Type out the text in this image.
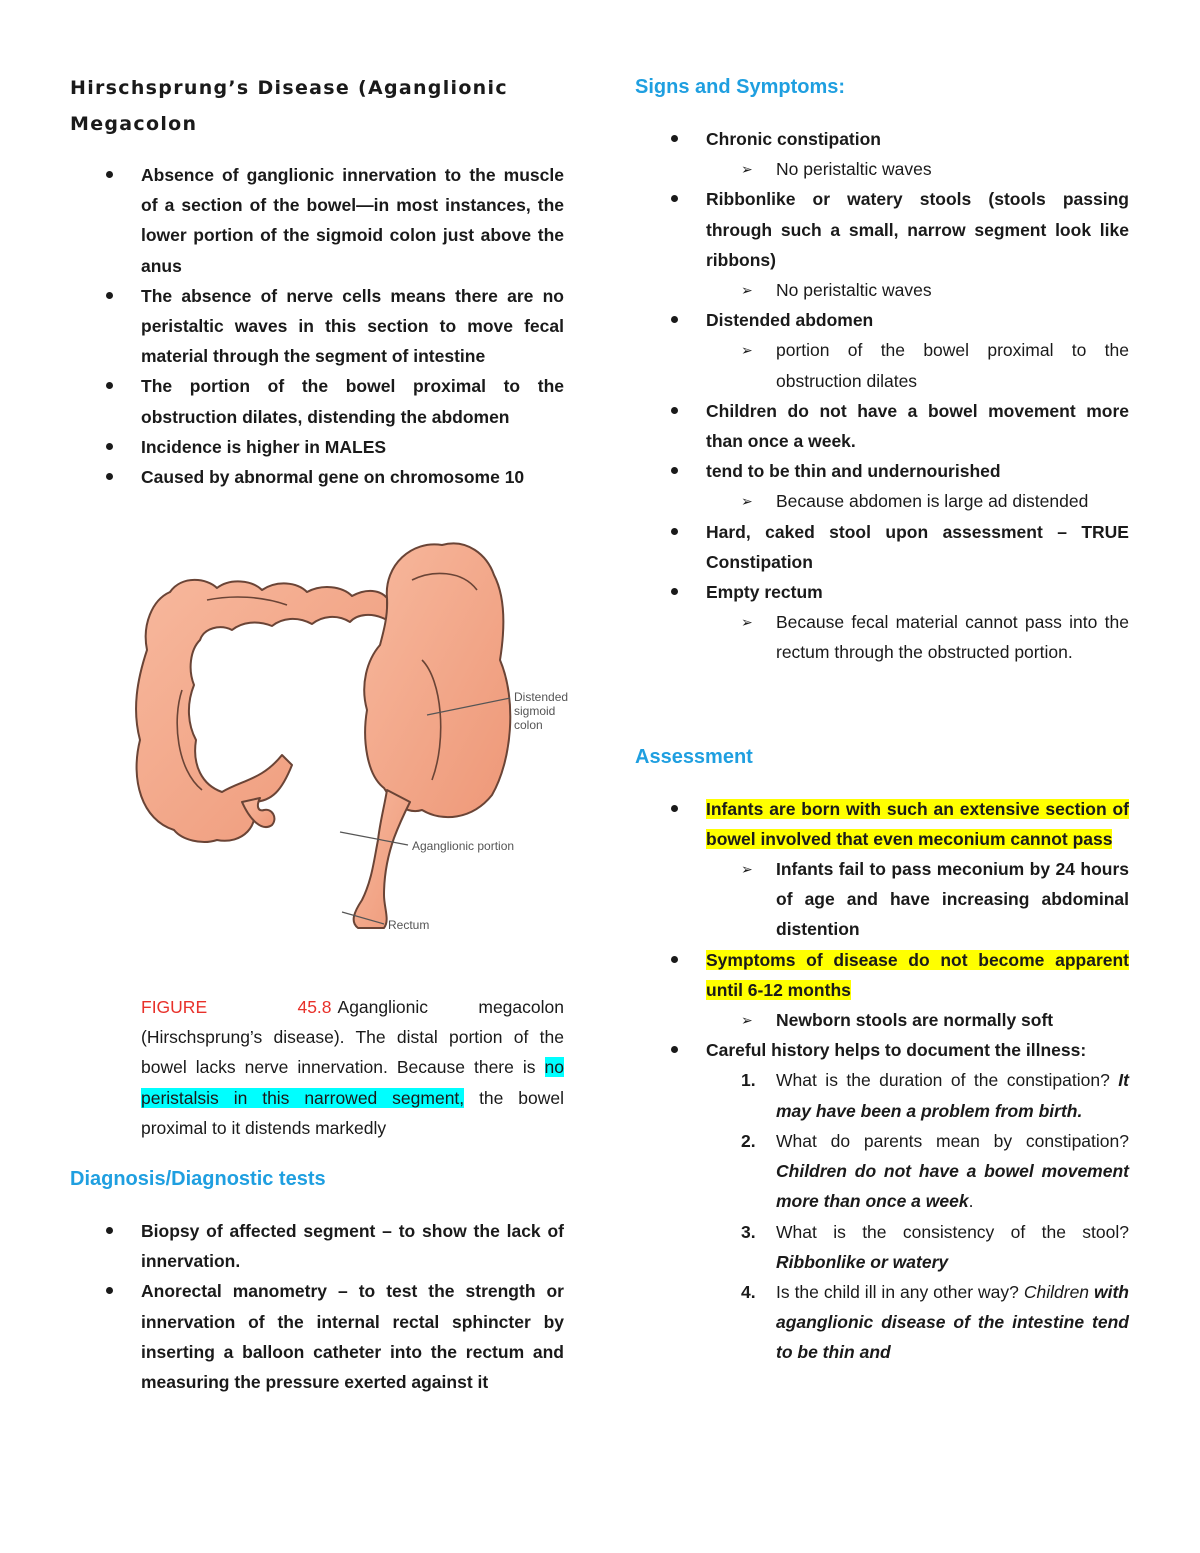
Hirschsprung’s Disease (Aganglionic
Megacolon
Absence of ganglionic innervation to the muscle of a section of the bowel—in most instances, the lower portion of the sigmoid colon just above the anus
The absence of nerve cells means there are no peristaltic waves in this section to move fecal material through the segment of intestine
The portion of the bowel proximal to the obstruction dilates, distending the abdomen
Incidence is higher in MALES
Caused by abnormal gene on chromosome 10
Distended
sigmoid
colon
Aganglionic portion
Rectum
FIGURE 45.8 Aganglionic megacolon (Hirschsprung’s disease). The distal portion of the bowel lacks nerve innervation. Because there is no peristalsis in this narrowed segment, the bowel proximal to it distends markedly
Diagnosis/Diagnostic tests
Biopsy of affected segment – to show the lack of innervation.
Anorectal manometry – to test the strength or innervation of the internal rectal sphincter by inserting a balloon catheter into the rectum and measuring the pressure exerted against it
Signs and Symptoms:
Chronic constipation
➢ No peristaltic waves
Ribbonlike or watery stools (stools passing through such a small, narrow segment look like ribbons)
➢ No peristaltic waves
Distended abdomen
➢ portion of the bowel proximal to the obstruction dilates
Children do not have a bowel movement more than once a week.
tend to be thin and undernourished
➢ Because abdomen is large ad distended
Hard, caked stool upon assessment – TRUE Constipation
Empty rectum
➢ Because fecal material cannot pass into the rectum through the obstructed portion.
Assessment
Infants are born with such an extensive section of bowel involved that even meconium cannot pass
➢ Infants fail to pass meconium by 24 hours of age and have increasing abdominal distention
Symptoms of disease do not become apparent until 6-12 months
➢ Newborn stools are normally soft
Careful history helps to document the illness:
1. What is the duration of the constipation? It may have been a problem from birth.
2. What do parents mean by constipation? Children do not have a bowel movement more than once a week.
3. What is the consistency of the stool? Ribbonlike or watery
4. Is the child ill in any other way? Children with aganglionic disease of the intestine tend to be thin and
